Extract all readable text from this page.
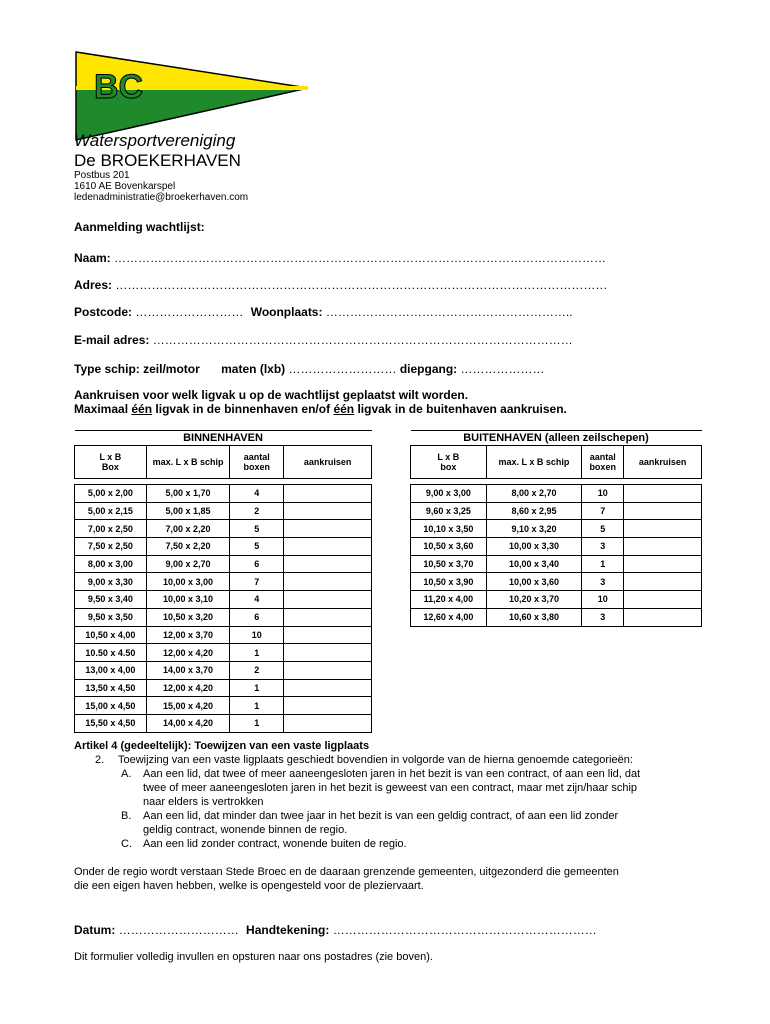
BC
Watersportvereniging
De BROEKERHAVEN
Postbus 201
1610 AE Bovenkarspel
ledenadministratie@broekerhaven.com
Aanmelding wachtlijst:
Naam: ……………………………………………………………………………………………………………
Adres: ……………………………………………………………………………………………………………
Postcode: ……………………… Woonplaats: ……………………………………………………..
E-mail adres: ……………………………………………………………………………………………
Type schip: zeil/motor maten (lxb) ……………………… diepgang: …………………
Aankruisen voor welk ligvak u op de wachtlijst geplaatst wilt worden.
Maximaal één ligvak in de binnenhaven en/of één ligvak in de buitenhaven aankruisen.
BINNENHAVEN			
L x B
Box	max. L x B schip	aantal
boxen	aankruisen

5,00 x 2,00	5,00 x 1,70	4	
5,00 x 2,15	5,00 x 1,85	2	
7,00 x 2,50	7,00 x 2,20	5	
7,50 x 2,50	7,50 x 2,20	5	
8,00 x 3,00	9,00 x 2,70	6	
9,00 x 3,30	10,00 x 3,00	7	
9,50 x 3,40	10,00 x 3,10	4	
9,50 x 3,50	10,50 x 3,20	6	
10,50 x 4,00	12,00 x 3,70	10	
10.50 x 4.50	12,00 x 4,20	1	
13,00 x 4,00	14,00 x 3,70	2	
13,50 x 4,50	12,00 x 4,20	1	
15,00 x 4,50	15,00 x 4,20	1	
15,50 x 4,50	14,00 x 4,20	1	
BUITENHAVEN (alleen zeilschepen)			
L x B
box	max. L x B schip	aantal
boxen	aankruisen

9,00 x 3,00	8,00 x 2,70	10	
9,60 x 3,25	8,60 x 2,95	7	
10,10 x 3,50	9,10 x 3,20	5	
10,50 x 3,60	10,00 x 3,30	3	
10,50 x 3,70	10,00 x 3,40	1	
10,50 x 3,90	10,00 x 3,60	3	
11,20 x 4,00	10,20 x 3,70	10	
12,60 x 4,00	10,60 x 3,80	3	
Artikel 4 (gedeeltelijk): Toewijzen van een vaste ligplaats
2. Toewijzing van een vaste ligplaats geschiedt bovendien in volgorde van de hierna genoemde categorieën:
A. Aan een lid, dat twee of meer aaneengesloten jaren in het bezit is van een contract, of aan een lid, dat
twee of meer aaneengesloten jaren in het bezit is geweest van een contract, maar met zijn/haar schip
naar elders is vertrokken
B. Aan een lid, dat minder dan twee jaar in het bezit is van een geldig contract, of aan een lid zonder
geldig contract, wonende binnen de regio.
C. Aan een lid zonder contract, wonende buiten de regio.
Onder de regio wordt verstaan Stede Broec en de daaraan grenzende gemeenten, uitgezonderd die gemeenten
die een eigen haven hebben, welke is opengesteld voor de pleziervaart.
Datum: ………………………… Handtekening: …………………………………………………………
Dit formulier volledig invullen en opsturen naar ons postadres (zie boven).
